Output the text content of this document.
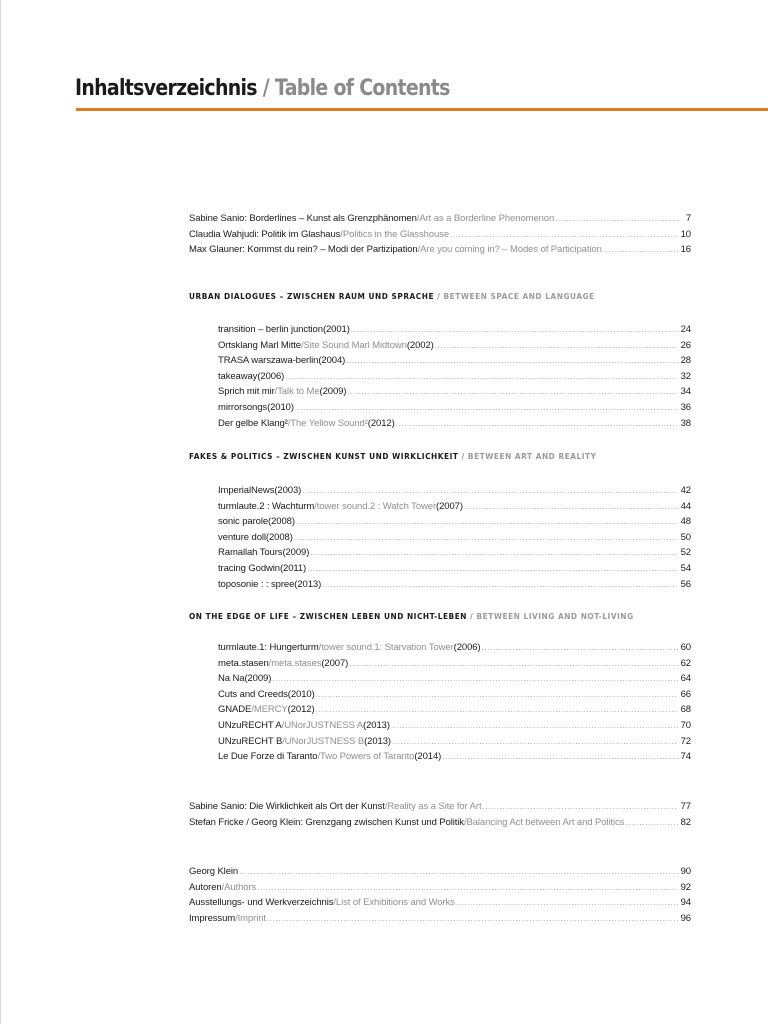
Inhaltsverzeichnis / Table of Contents
Sabine Sanio: Borderlines – Kunst als Grenzphänomen / Art as a Borderline Phenomenon .....	7
Claudia Wahjudi: Politik im Glashaus / Politics in the Glasshouse .....	10
Max Glauner: Kommst du rein? – Modi der Partizipation / Are you coming in? – Modes of Participation .....	16
URBAN DIALOGUES – ZWISCHEN RAUM UND SPRACHE / BETWEEN SPACE AND LANGUAGE
transition – berlin junction (2001) .....	24
Ortsklang Marl Mitte / Site Sound Marl Midtown (2002) .....	26
TRASA warszawa-berlin (2004) .....	28
takeaway (2006) .....	32
Sprich mit mir / Talk to Me (2009) .....	34
mirrorsongs (2010) .....	36
Der gelbe Klang² / The Yellow Sound² (2012) .....	38
FAKES & POLITICS – ZWISCHEN KUNST UND WIRKLICHKEIT / BETWEEN ART AND REALITY
ImperialNews (2003) .....	42
turmlaute.2 : Wachturm / tower sound.2 : Watch Tower (2007) .....	44
sonic parole (2008) .....	48
venture doll (2008) .....	50
Ramallah Tours (2009) .....	52
tracing Godwin (2011) .....	54
toposonie : : spree (2013) .....	56
ON THE EDGE OF LIFE – ZWISCHEN LEBEN UND NICHT-LEBEN / BETWEEN LIVING AND NOT-LIVING
turmlaute.1: Hungerturm / tower sound.1: Starvation Tower (2006) .....	60
meta.stasen / meta.stases (2007) .....	62
Na Na (2009) .....	64
Cuts and Creeds (2010) .....	66
GNADE / MERCY (2012) .....	68
UNzuRECHT A / UNorJUSTNESS A (2013) .....	70
UNzuRECHT B / UNorJUSTNESS B (2013) .....	72
Le Due Forze di Taranto / Two Powers of Taranto (2014) .....	74
Sabine Sanio: Die Wirklichkeit als Ort der Kunst / Reality as a Site for Art .....	77
Stefan Fricke / Georg Klein: Grenzgang zwischen Kunst und Politik / Balancing Act between Art and Politics .....	82
Georg Klein .....	90
Autoren / Authors .....	92
Ausstellungs- und Werkverzeichnis / List of Exhibitions and Works .....	94
Impressum / Imprint .....	96
